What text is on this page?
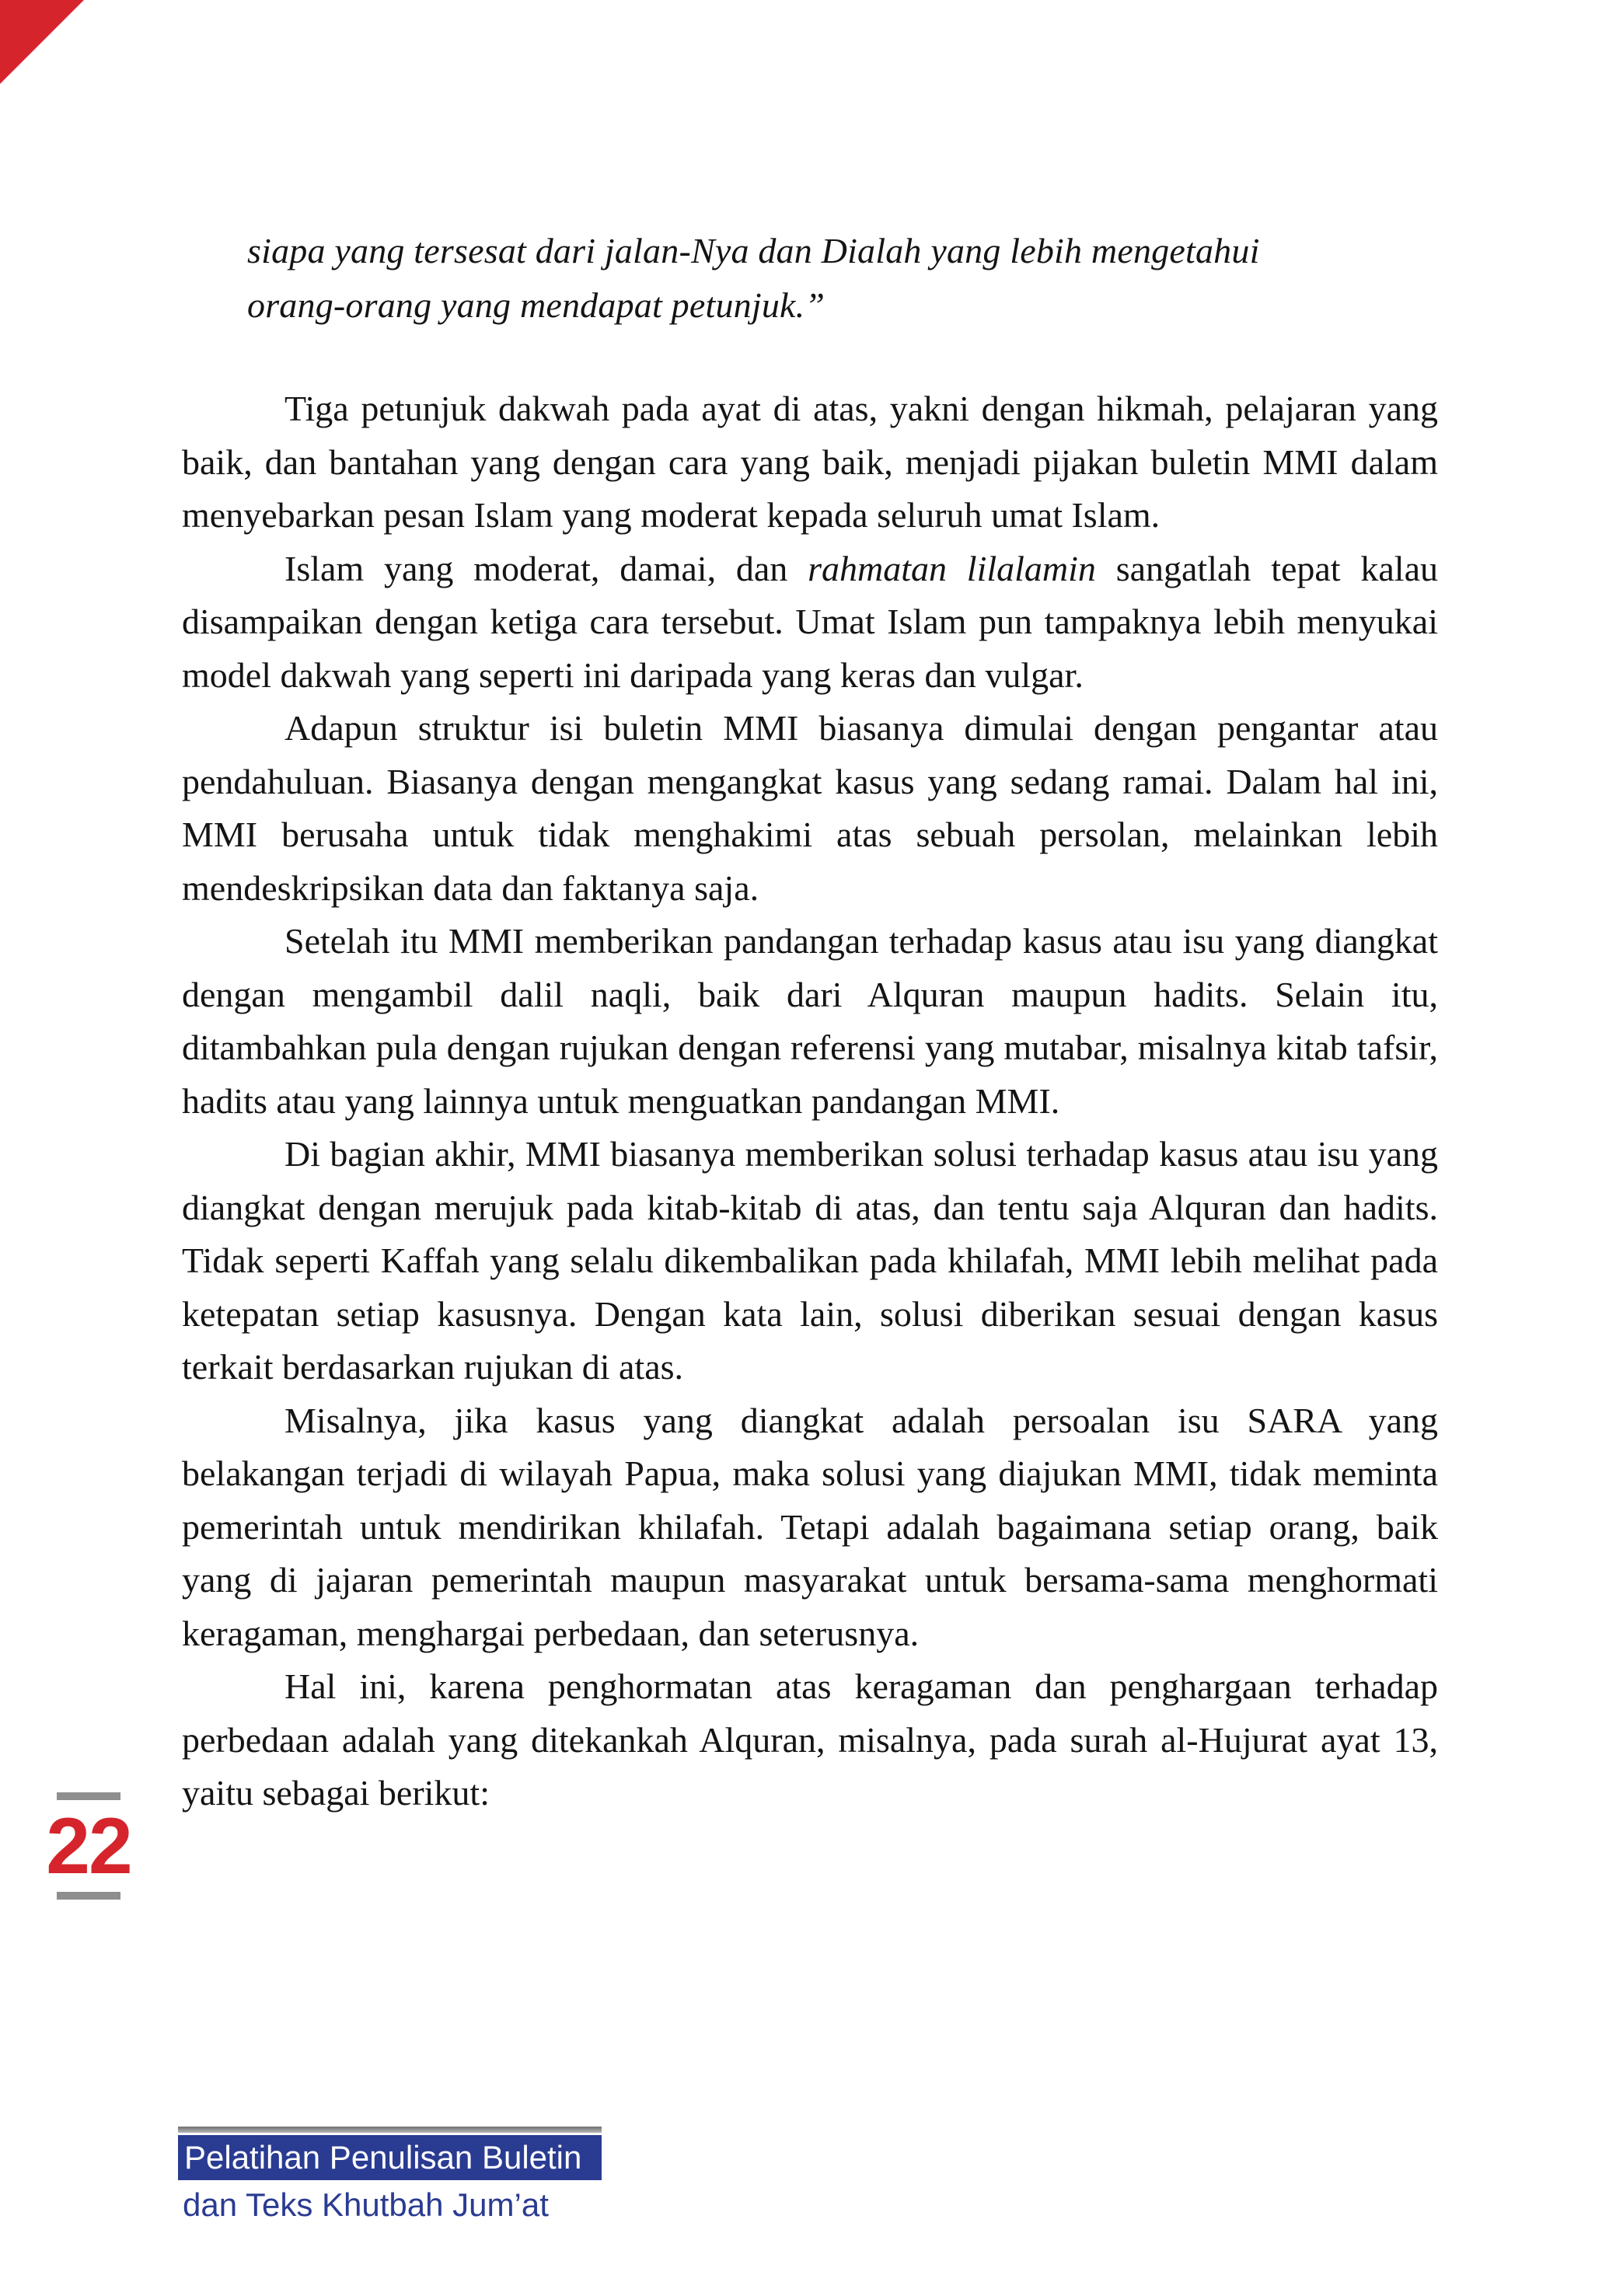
siapa yang tersesat dari jalan-Nya dan Dialah yang lebih mengetahui
orang-orang yang mendapat petunjuk.”

Tiga petunjuk dakwah pada ayat di atas, yakni dengan hikmah, pelajaran yang baik, dan bantahan yang dengan cara yang baik, menjadi pijakan buletin MMI dalam menyebarkan pesan Islam yang moderat kepada seluruh umat Islam.

Islam yang moderat, damai, dan rahmatan lilalamin sangatlah tepat kalau disampaikan dengan ketiga cara tersebut. Umat Islam pun tampaknya lebih menyukai model dakwah yang seperti ini daripada yang keras dan vulgar.

Adapun struktur isi buletin MMI biasanya dimulai dengan pengantar atau pendahuluan. Biasanya dengan mengangkat kasus yang sedang ramai. Dalam hal ini, MMI berusaha untuk tidak menghakimi atas sebuah persolan, melainkan lebih mendeskripsikan data dan faktanya saja.

Setelah itu MMI memberikan pandangan terhadap kasus atau isu yang diangkat dengan mengambil dalil naqli, baik dari Alquran maupun hadits. Selain itu, ditambahkan pula dengan rujukan dengan referensi yang mutabar, misalnya kitab tafsir, hadits atau yang lainnya untuk menguatkan pandangan MMI.

Di bagian akhir, MMI biasanya memberikan solusi terhadap kasus atau isu yang diangkat dengan merujuk pada kitab-kitab di atas, dan tentu saja Alquran dan hadits. Tidak seperti Kaffah yang selalu dikembalikan pada khilafah, MMI lebih melihat pada ketepatan setiap kasusnya. Dengan kata lain, solusi diberikan sesuai dengan kasus terkait berdasarkan rujukan di atas.

Misalnya, jika kasus yang diangkat adalah persoalan isu SARA yang belakangan terjadi di wilayah Papua, maka solusi yang diajukan MMI, tidak meminta pemerintah untuk mendirikan khilafah. Tetapi adalah bagaimana setiap orang, baik yang di jajaran pemerintah maupun masyarakat untuk bersama-sama menghormati keragaman, menghargai perbedaan, dan seterusnya.

Hal ini, karena penghormatan atas keragaman dan penghargaan terhadap perbedaan adalah yang ditekankah Alquran, misalnya, pada surah al-Hujurat ayat 13, yaitu sebagai berikut:

22
Pelatihan Penulisan Buletin
dan Teks Khutbah Jum’at
